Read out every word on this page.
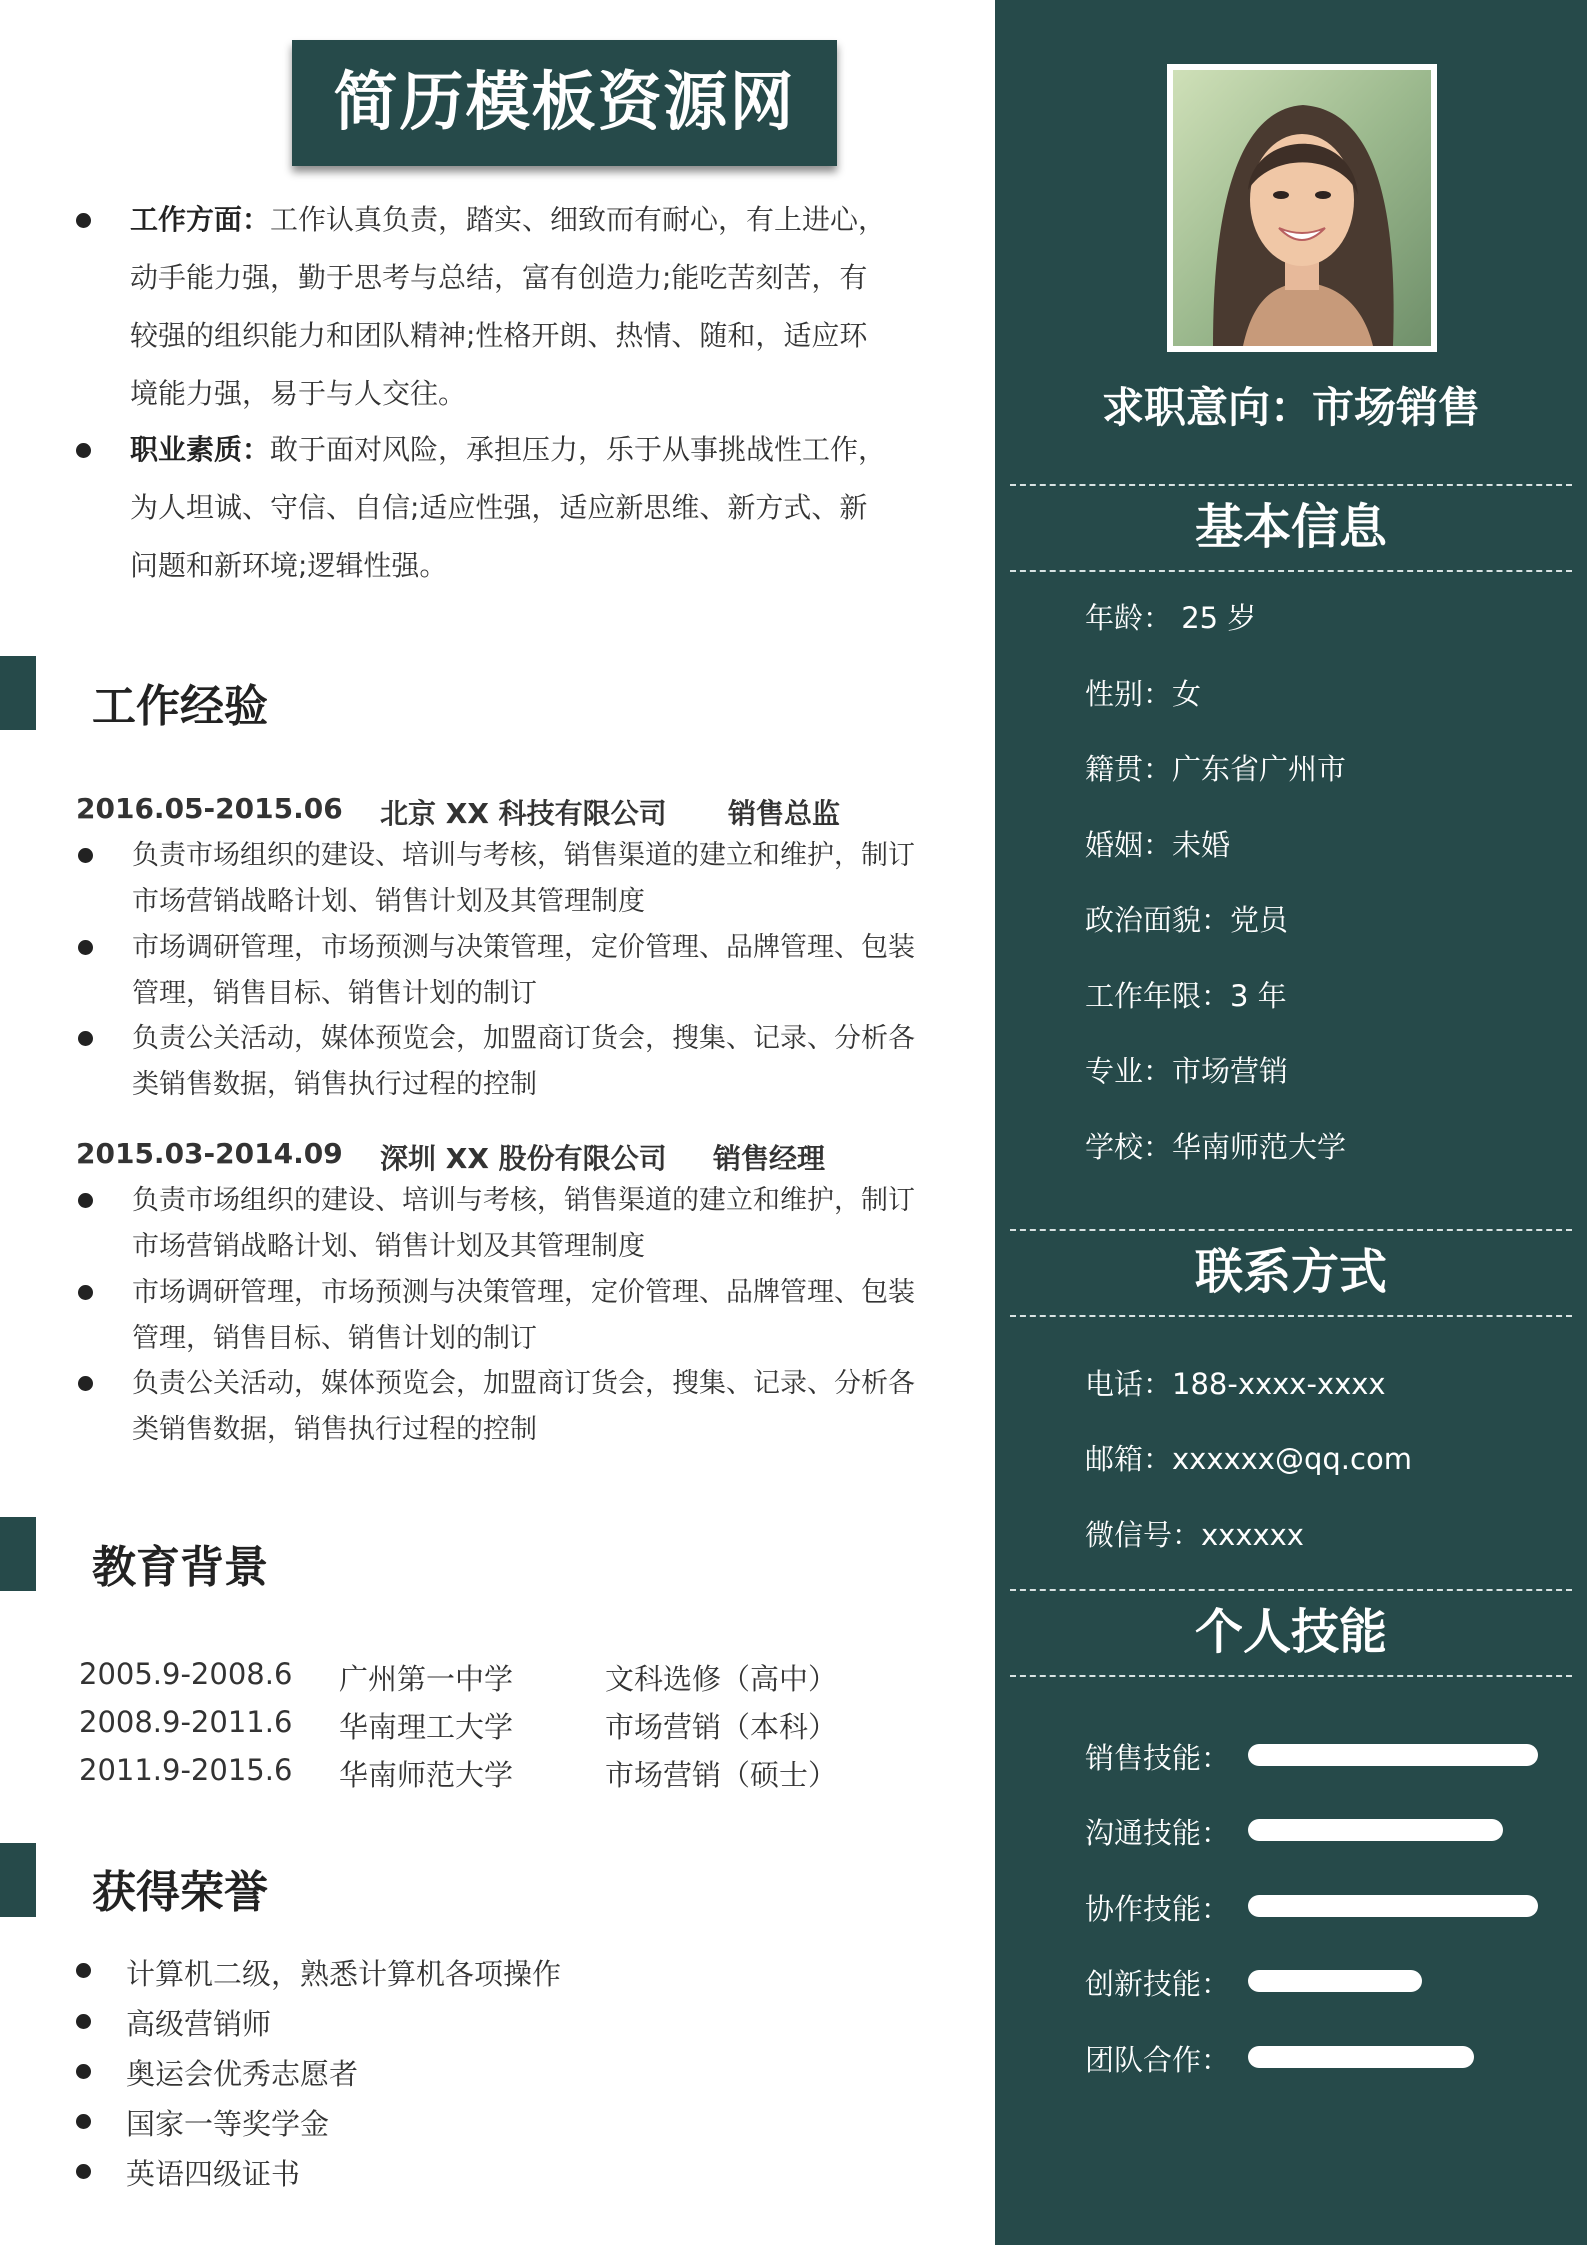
简历模板资源网
工作方面：工作认真负责，踏实、细致而有耐心，有上进心，动手能力强，勤于思考与总结，富有创造力;能吃苦刻苦，有较强的组织能力和团队精神;性格开朗、热情、随和，适应环境能力强，易于与人交往。
职业素质：敢于面对风险，承担压力，乐于从事挑战性工作，为人坦诚、守信、自信;适应性强，适应新思维、新方式、新问题和新环境;逻辑性强。
工作经验
2016.05-2015.06 北京 XX 科技有限公司 销售总监
负责市场组织的建设、培训与考核，销售渠道的建立和维护，制订市场营销战略计划、销售计划及其管理制度
市场调研管理，市场预测与决策管理，定价管理、品牌管理、包装管理，销售目标、销售计划的制订
负责公关活动，媒体预览会，加盟商订货会，搜集、记录、分析各类销售数据，销售执行过程的控制
2015.03-2014.09 深圳 XX 股份有限公司 销售经理
负责市场组织的建设、培训与考核，销售渠道的建立和维护，制订市场营销战略计划、销售计划及其管理制度
市场调研管理，市场预测与决策管理，定价管理、品牌管理、包装管理，销售目标、销售计划的制订
负责公关活动，媒体预览会，加盟商订货会，搜集、记录、分析各类销售数据，销售执行过程的控制
教育背景
2005.9-2008.6 广州第一中学	文科选修（高中）
2008.9-2011.6 华南理工大学	市场营销（本科）
2011.9-2015.6 华南师范大学	市场营销（硕士）
获得荣誉
计算机二级，熟悉计算机各项操作
高级营销师
奥运会优秀志愿者
国家一等奖学金
英语四级证书
求职意向：市场销售
基本信息
年龄： 25 岁
性别：女
籍贯：广东省广州市
婚姻：未婚
政治面貌：党员
工作年限：3 年
专业：市场营销
学校：华南师范大学
联系方式
电话：188-xxxx-xxxx
邮箱：xxxxxx@qq.com
微信号：xxxxxx
个人技能
销售技能：
沟通技能：
协作技能：
创新技能：
团队合作：
